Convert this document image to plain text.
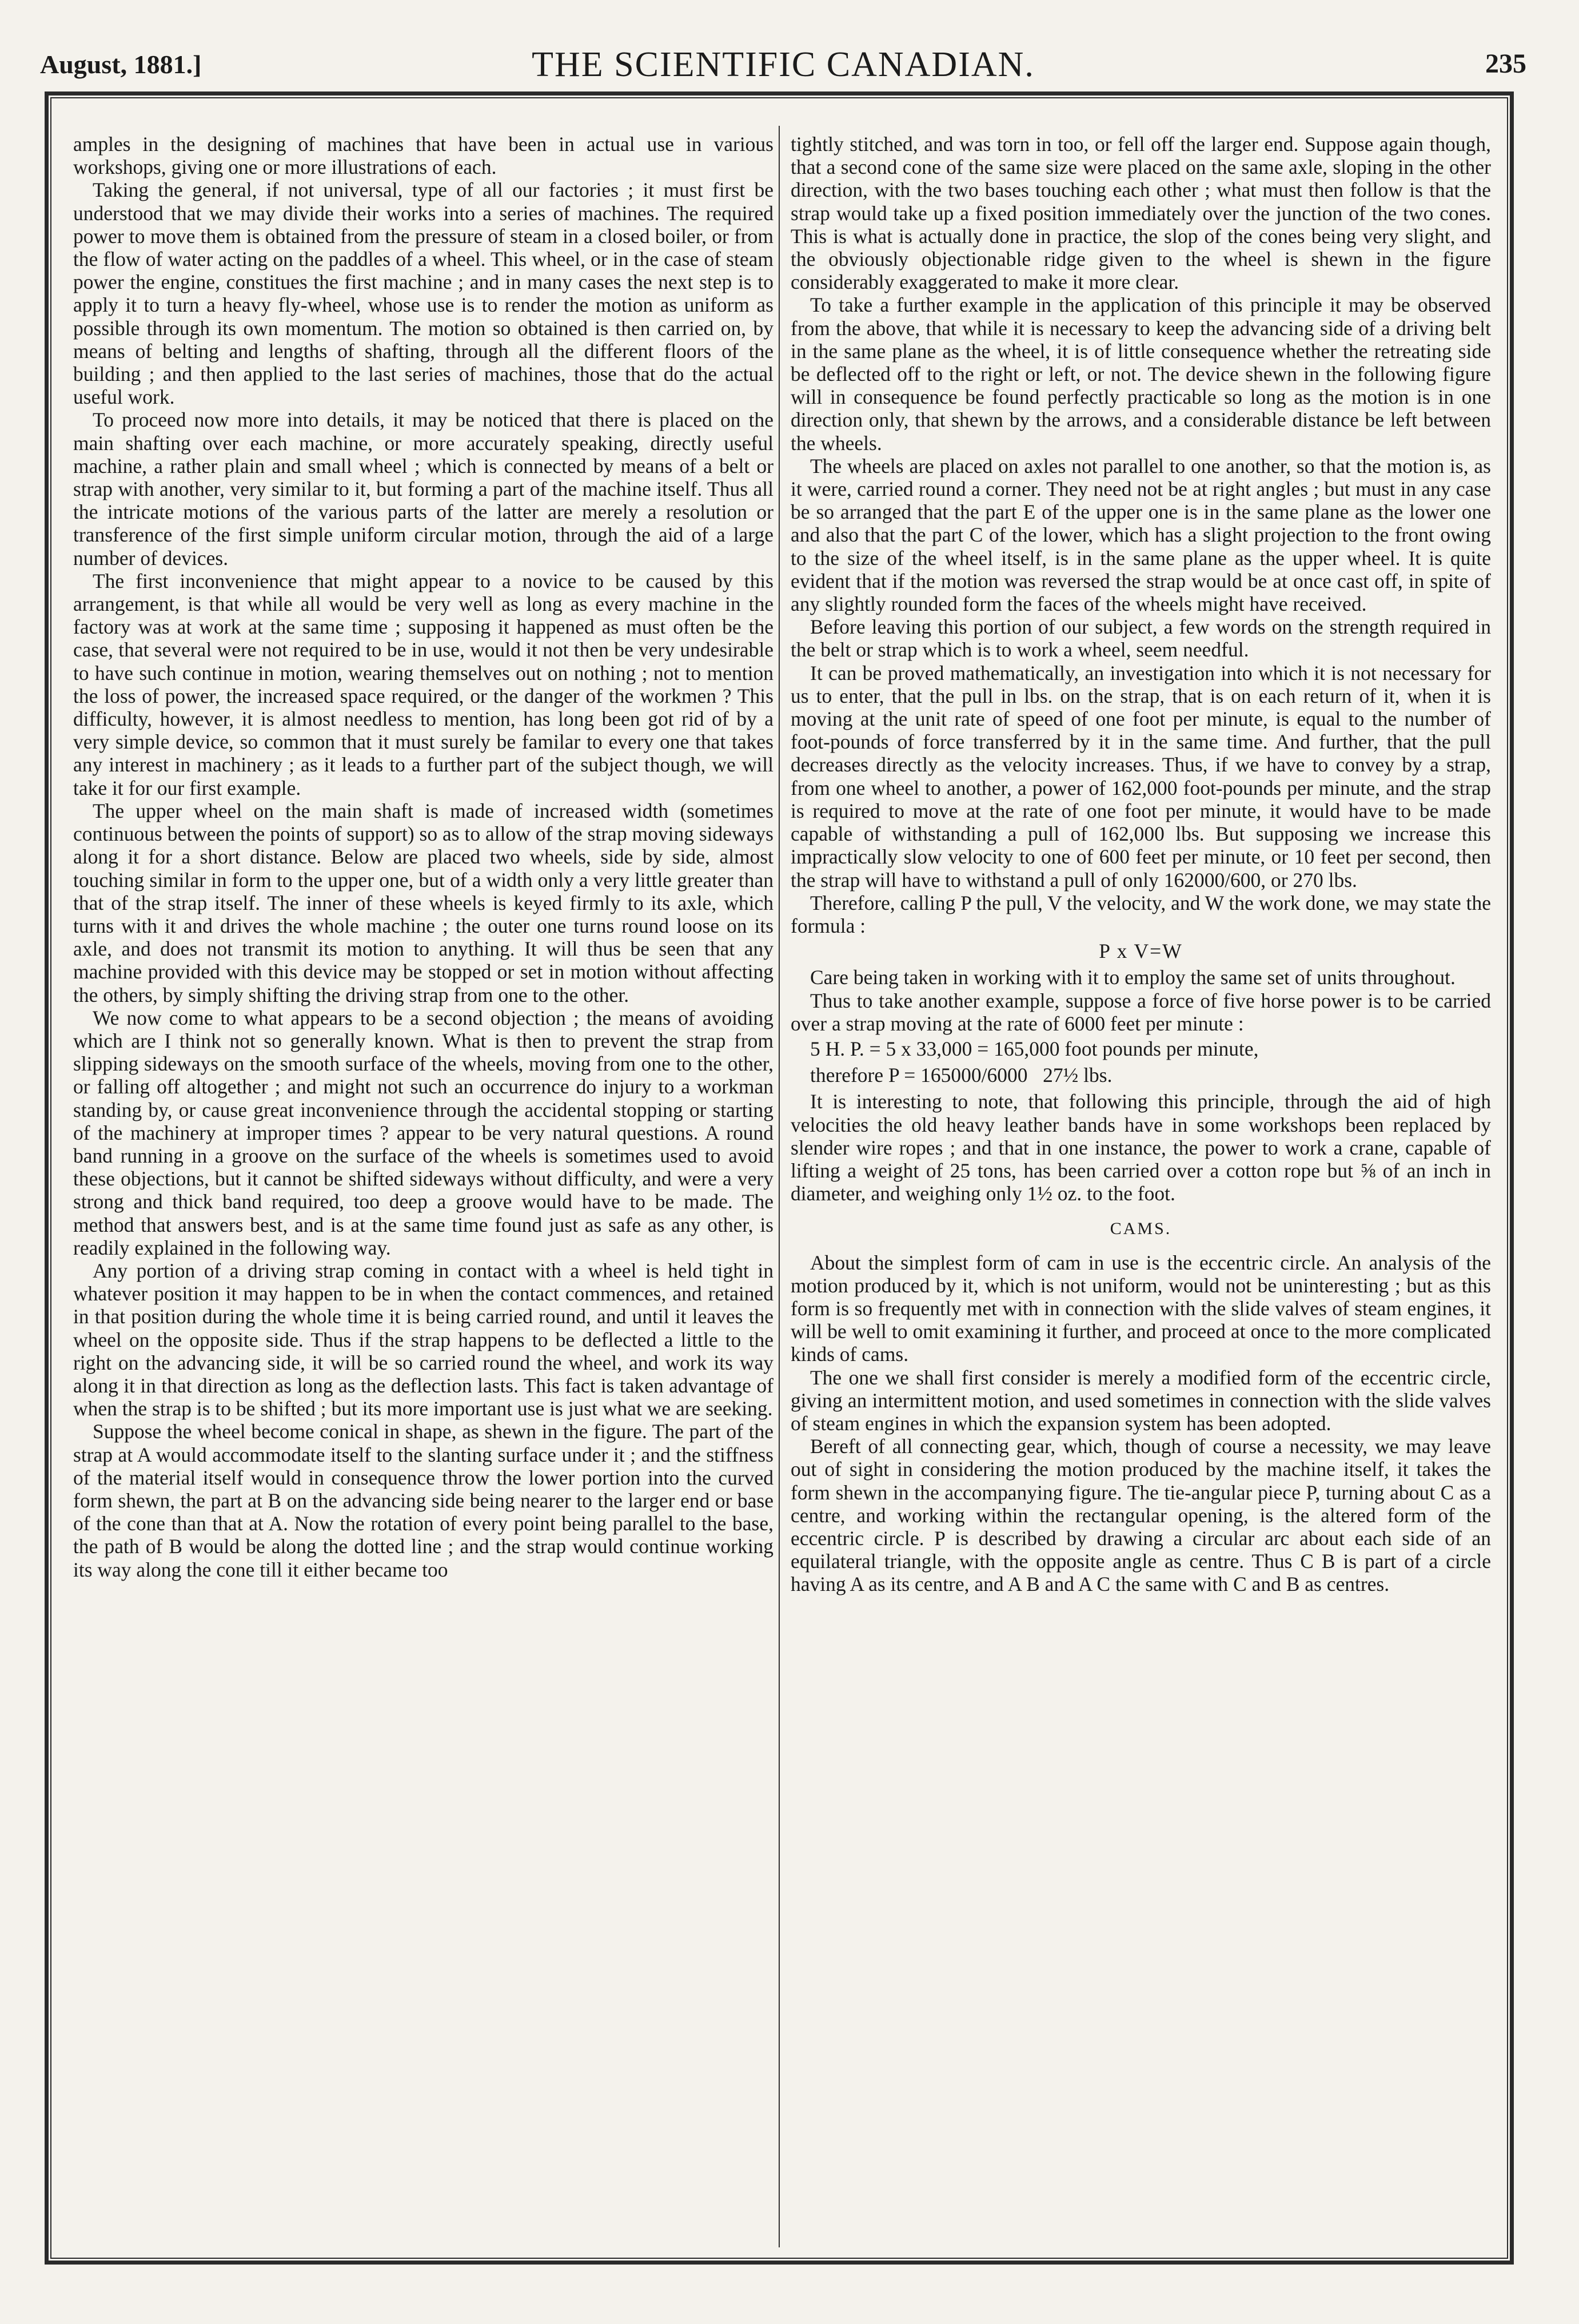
August, 1881.]	THE SCIENTIFIC CANADIAN.	235

amples in the designing of machines that have been in actual use in various workshops, giving one or more illustrations of each.

Taking the general, if not universal, type of all our factories ; it must first be understood that we may divide their works into a series of machines. The required power to move them is obtained from the pressure of steam in a closed boiler, or from the flow of water acting on the paddles of a wheel. This wheel, or in the case of steam power the engine, constitues the first machine ; and in many cases the next step is to apply it to turn a heavy fly-wheel, whose use is to render the motion as uniform as possible through its own momentum. The motion so obtained is then carried on, by means of belting and lengths of shafting, through all the different floors of the building ; and then applied to the last series of machines, those that do the actual useful work.

To proceed now more into details, it may be noticed that there is placed on the main shafting over each machine, or more accurately speaking, directly useful machine, a rather plain and small wheel ; which is connected by means of a belt or strap with another, very similar to it, but forming a part of the machine itself. Thus all the intricate motions of the various parts of the latter are merely a resolution or transference of the first simple uniform circular motion, through the aid of a large number of devices.

The first inconvenience that might appear to a novice to be caused by this arrangement, is that while all would be very well as long as every machine in the factory was at work at the same time ; supposing it happened as must often be the case, that several were not required to be in use, would it not then be very undesirable to have such continue in motion, wearing themselves out on nothing ; not to mention the loss of power, the increased space required, or the danger of the workmen ? This difficulty, however, it is almost needless to mention, has long been got rid of by a very simple device, so common that it must surely be familar to every one that takes any interest in machinery ; as it leads to a further part of the subject though, we will take it for our first example.

The upper wheel on the main shaft is made of increased width (sometimes continuous between the points of support) so as to allow of the strap moving sideways along it for a short distance. Below are placed two wheels, side by side, almost touching similar in form to the upper one, but of a width only a very little greater than that of the strap itself. The inner of these wheels is keyed firmly to its axle, which turns with it and drives the whole machine ; the outer one turns round loose on its axle, and does not transmit its motion to anything. It will thus be seen that any machine provided with this device may be stopped or set in motion without affecting the others, by simply shifting the driving strap from one to the other.

We now come to what appears to be a second objection ; the means of avoiding which are I think not so generally known. What is then to prevent the strap from slipping sideways on the smooth surface of the wheels, moving from one to the other, or falling off altogether ; and might not such an occurrence do injury to a workman standing by, or cause great inconvenience through the accidental stopping or starting of the machinery at improper times ? appear to be very natural questions. A round band running in a groove on the surface of the wheels is sometimes used to avoid these objections, but it cannot be shifted sideways without difficulty, and were a very strong and thick band required, too deep a groove would have to be made. The method that answers best, and is at the same time found just as safe as any other, is readily explained in the following way.

Any portion of a driving strap coming in contact with a wheel is held tight in whatever position it may happen to be in when the contact commences, and retained in that position during the whole time it is being carried round, and until it leaves the wheel on the opposite side. Thus if the strap happens to be deflected a little to the right on the advancing side, it will be so carried round the wheel, and work its way along it in that direction as long as the deflection lasts. This fact is taken advantage of when the strap is to be shifted ; but its more important use is just what we are seeking.

Suppose the wheel become conical in shape, as shewn in the figure. The part of the strap at A would accommodate itself to the slanting surface under it ; and the stiffness of the material itself would in consequence throw the lower portion into the curved form shewn, the part at B on the advancing side being nearer to the larger end or base of the cone than that at A. Now the rotation of every point being parallel to the base, the path of B would be along the dotted line ; and the strap would continue working its way along the cone till it either became too

tightly stitched, and was torn in too, or fell off the larger end. Suppose again though, that a second cone of the same size were placed on the same axle, sloping in the other direction, with the two bases touching each other ; what must then follow is that the strap would take up a fixed position immediately over the junction of the two cones. This is what is actually done in practice, the slop of the cones being very slight, and the obviously objectionable ridge given to the wheel is shewn in the figure considerably exaggerated to make it more clear.

To take a further example in the application of this principle it may be observed from the above, that while it is necessary to keep the advancing side of a driving belt in the same plane as the wheel, it is of little consequence whether the retreating side be deflected off to the right or left, or not. The device shewn in the following figure will in consequence be found perfectly practicable so long as the motion is in one direction only, that shewn by the arrows, and a considerable distance be left between the wheels.

The wheels are placed on axles not parallel to one another, so that the motion is, as it were, carried round a corner. They need not be at right angles ; but must in any case be so arranged that the part E of the upper one is in the same plane as the lower one and also that the part C of the lower, which has a slight projection to the front owing to the size of the wheel itself, is in the same plane as the upper wheel. It is quite evident that if the motion was reversed the strap would be at once cast off, in spite of any slightly rounded form the faces of the wheels might have received.

Before leaving this portion of our subject, a few words on the strength required in the belt or strap which is to work a wheel, seem needful.

It can be proved mathematically, an investigation into which it is not necessary for us to enter, that the pull in lbs. on the strap, that is on each return of it, when it is moving at the unit rate of speed of one foot per minute, is equal to the number of foot-pounds of force transferred by it in the same time. And further, that the pull decreases directly as the velocity increases. Thus, if we have to convey by a strap, from one wheel to another, a power of 162,000 foot-pounds per minute, and the strap is required to move at the rate of one foot per minute, it would have to be made capable of withstanding a pull of 162,000 lbs. But supposing we increase this impractically slow velocity to one of 600 feet per minute, or 10 feet per second, then the strap will have to withstand a pull of only 162000/600, or 270 lbs.

Therefore, calling P the pull, V the velocity, and W the work done, we may state the formula :

P x V=W

Care being taken in working with it to employ the same set of units throughout.

Thus to take another example, suppose a force of five horse power is to be carried over a strap moving at the rate of 6000 feet per minute :

5 H. P. = 5 x 33,000 = 165,000 foot pounds per minute,
therefore P = 165000/6000   27½ lbs.

It is interesting to note, that following this principle, through the aid of high velocities the old heavy leather bands have in some workshops been replaced by slender wire ropes ; and that in one instance, the power to work a crane, capable of lifting a weight of 25 tons, has been carried over a cotton rope but ⅝ of an inch in diameter, and weighing only 1½ oz. to the foot.

CAMS.

About the simplest form of cam in use is the eccentric circle. An analysis of the motion produced by it, which is not uniform, would not be uninteresting ; but as this form is so frequently met with in connection with the slide valves of steam engines, it will be well to omit examining it further, and proceed at once to the more complicated kinds of cams.

The one we shall first consider is merely a modified form of the eccentric circle, giving an intermittent motion, and used sometimes in connection with the slide valves of steam engines in which the expansion system has been adopted.

Bereft of all connecting gear, which, though of course a necessity, we may leave out of sight in considering the motion produced by the machine itself, it takes the form shewn in the accompanying figure. The tie-angular piece P, turning about C as a centre, and working within the rectangular opening, is the altered form of the eccentric circle. P is described by drawing a circular arc about each side of an equilateral triangle, with the opposite angle as centre. Thus C B is part of a circle having A as its centre, and A B and A C the same with C and B as centres.
